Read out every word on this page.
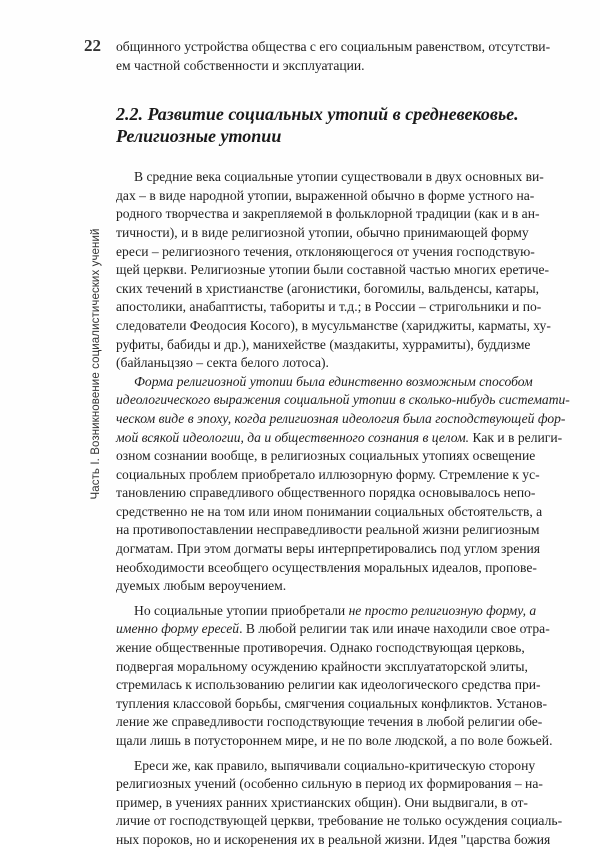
22
Часть I. Возникновение социалистических учений
общинного устройства общества с его социальным равенством, отсутстви-
ем частной собственности и эксплуатации.
2.2. Развитие социальных утопий в средневековье.
Религиозные утопии
В средние века социальные утопии существовали в двух основных ви-
дах – в виде народной утопии, выраженной обычно в форме устного на-
родного творчества и закрепляемой в фольклорной традиции (как и в ан-
тичности), и в виде религиозной утопии, обычно принимающей форму
ереси – религиозного течения, отклоняющегося от учения господствую-
щей церкви. Религиозные утопии были составной частью многих еретиче-
ских течений в христианстве (агонистики, богомилы, вальденсы, катары,
апостолики, анабаптисты, табориты и т.д.; в России – стригольники и по-
следователи Феодосия Косого), в мусульманстве (хариджиты, карматы, ху-
руфиты, бабиды и др.), манихействе (маздакиты, хуррамиты), буддизме
(байланьцзяо – секта белого лотоса).
Форма религиозной утопии была единственно возможным способом
идеологического выражения социальной утопии в сколько-нибудь системати-
ческом виде в эпоху, когда религиозная идеология была господствующей фор-
мой всякой идеологии, да и общественного сознания в целом. Как и в религи-
озном сознании вообще, в религиозных социальных утопиях освещение
социальных проблем приобретало иллюзорную форму. Стремление к ус-
тановлению справедливого общественного порядка основывалось непо-
средственно не на том или ином понимании социальных обстоятельств, а
на противопоставлении несправедливости реальной жизни религиозным
догматам. При этом догматы веры интерпретировались под углом зрения
необходимости всеобщего осуществления моральных идеалов, пропове-
дуемых любым вероучением.
Но социальные утопии приобретали не просто религиозную форму, а
именно форму ересей. В любой религии так или иначе находили свое отра-
жение общественные противоречия. Однако господствующая церковь,
подвергая моральному осуждению крайности эксплуататорской элиты,
стремилась к использованию религии как идеологического средства при-
тупления классовой борьбы, смягчения социальных конфликтов. Установ-
ление же справедливости господствующие течения в любой религии обе-
щали лишь в потустороннем мире, и не по воле людской, а по воле божьей.
Ереси же, как правило, выпячивали социально-критическую сторону
религиозных учений (особенно сильную в период их формирования – на-
пример, в учениях ранних христианских общин). Они выдвигали, в от-
личие от господствующей церкви, требование не только осуждения социаль-
ных пороков, но и искоренения их в реальной жизни. Идея "царства божия
